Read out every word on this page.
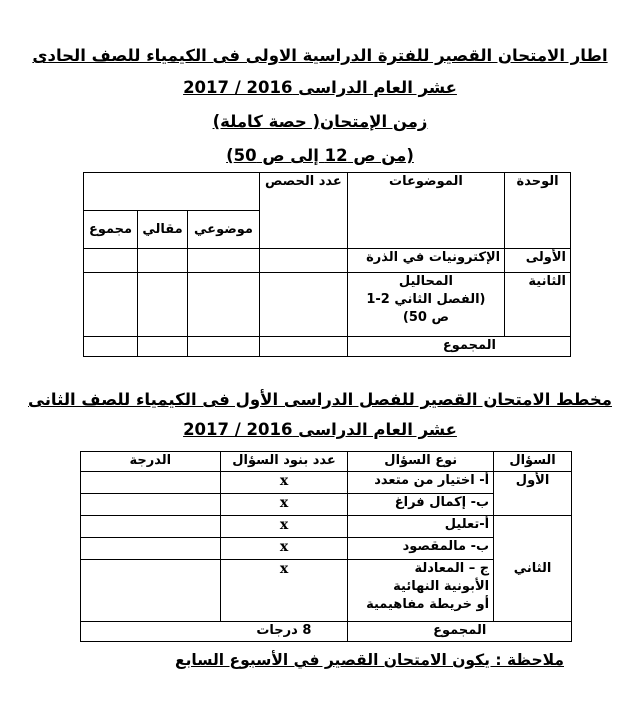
اطار الامتحان القصير للفترة الدراسية الاولى فى الكيمياء للصف الحادى
عشر العام الدراسى 2016 / 2017
زمن الإمتحان( حصة كاملة)
(من ص 12 إلى ص 50)
الوحدة	الموضوعات	عدد الحصص			
			موضوعي	مقالي	مجموع
الأولى	الإكترونيات في الذرة				
الثانية	المحاليل
(الفصل الثاني 2-1
ص 50)				

المجموع					
مخطط الامتحان القصير للفصل الدراسى الأول فى الكيمياء للصف الثانى
عشر العام الدراسى 2016 / 2017
السؤال	نوع السؤال	عدد بنود السؤال	الدرجة
الأول	أ- اختيار من متعدد	x	
	ب- إكمال فراغ	x	
الثاني	أ-تعليل	x	
	ب- مالمقصود	x	

	ج – المعادلة
الأبونية النهائية
أو خريطة مفاهيمية	x	
المجموع		8 درجات	
ملاحظة : يكون الامتحان القصير في الأسبوع السابع
